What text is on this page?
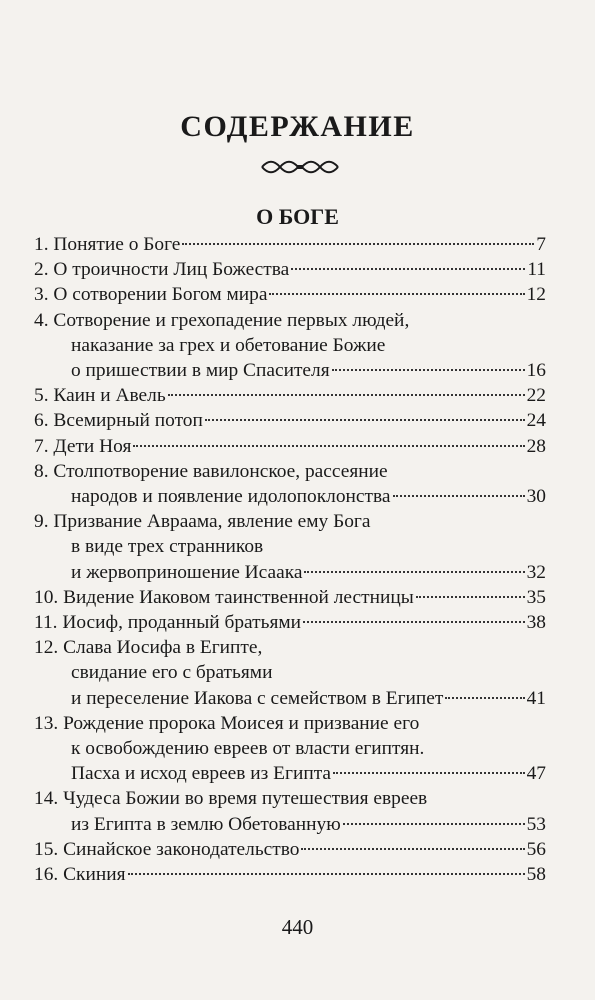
СОДЕРЖАНИЕ
О БОГЕ
1. Понятие о Боге	7
2. О троичности Лиц Божества	11
3. О сотворении Богом мира	12
4. Сотворение и грехопадение первых людей,
наказание за грех и обетование Божие
о пришествии в мир Спасителя	16
5. Каин и Авель	22
6. Всемирный потоп	24
7. Дети Ноя	28
8. Столпотворение вавилонское, рассеяние
народов и появление идолопоклонства	30
9. Призвание Авраама, явление ему Бога
в виде трех странников
и жервоприношение Исаака	32
10. Видение Иаковом таинственной лестницы	35
11. Иосиф, проданный братьями	38
12. Слава Иосифа в Египте,
свидание его с братьями
и переселение Иакова с семейством в Египет	41
13. Рождение пророка Моисея и призвание его
к освобождению евреев от власти египтян.
Пасха и исход евреев из Египта	47
14. Чудеса Божии во время путешествия евреев
из Египта в землю Обетованную	53
15. Синайское законодательство	56
16. Скиния	58
440
